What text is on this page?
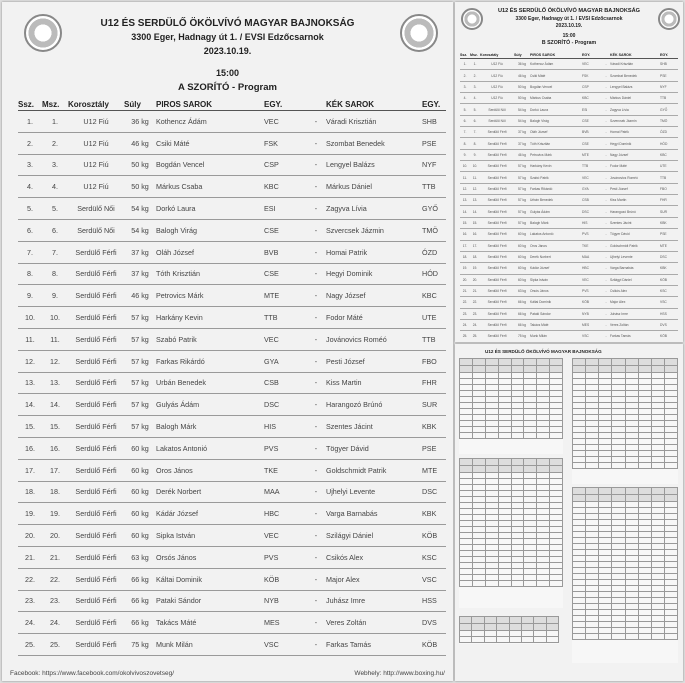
U12 ÉS SERDÜLŐ ÖKÖLVÍVÓ MAGYAR BAJNOKSÁG
3300 Eger, Hadnagy út 1. / EVSI Edzőcsarnok
2023.10.19.
15:00
A SZORÍTÓ - Program
Ssz.	Msz.	Korosztály	Súly	PIROS SAROK	EGY.		KÉK SAROK	EGY.
1.	1.	U12 Fiú	36 kg	Kothencz Ádám	VEC	-	Váradi Krisztián	SHB
2.	2.	U12 Fiú	46 kg	Csiki Máté	FSK	-	Szombat Benedek	PSE
3.	3.	U12 Fiú	50 kg	Bogdán Vencel	CSP	-	Lengyel Balázs	NYF
4.	4.	U12 Fiú	50 kg	Márkus Csaba	KBC	-	Márkus Dániel	TTB
5.	5.	Serdülő Női	54 kg	Dorkó Laura	ESI	-	Zagyva Lívia	GYŐ
6.	6.	Serdülő Női	54 kg	Balogh Virág	CSE	-	Szvercsek Jázmin	TMÖ
7.	7.	Serdülő Férfi	37 kg	Oláh József	BVB	-	Homai Patrik	ÓZD
8.	8.	Serdülő Férfi	37 kg	Tóth Krisztián	CSE	-	Hegyi Dominik	HÓD
9.	9.	Serdülő Férfi	46 kg	Petrovics Márk	MTE	-	Nagy József	KBC
10.	10.	Serdülő Férfi	57 kg	Harkány Kevin	TTB	-	Fodor Máté	UTE
11.	11.	Serdülő Férfi	57 kg	Szabó Patrik	VEC	-	Jovánovics Roméó	TTB
12.	12.	Serdülő Férfi	57 kg	Farkas Rikárdó	GYA	-	Pesti József	FBO
13.	13.	Serdülő Férfi	57 kg	Urbán Benedek	CSB	-	Kiss Martin	FHR
14.	14.	Serdülő Férfi	57 kg	Gulyás Ádám	DSC	-	Harangozó Brúnó	SUR
15.	15.	Serdülő Férfi	57 kg	Balogh Márk	HIS	-	Szentes Jácint	KBK
16.	16.	Serdülő Férfi	60 kg	Lakatos Antonió	PVS	-	Tögyer Dávid	PSE
17.	17.	Serdülő Férfi	60 kg	Oros János	TKE	-	Goldschmidt Patrik	MTE
18.	18.	Serdülő Férfi	60 kg	Derék Norbert	MAA	-	Ujhelyi Levente	DSC
19.	19.	Serdülő Férfi	60 kg	Kádár József	HBC	-	Varga Barnabás	KBK
20.	20.	Serdülő Férfi	60 kg	Sipka István	VEC	-	Szilágyi Dániel	KÖB
21.	21.	Serdülő Férfi	63 kg	Orsós János	PVS	-	Csikós Alex	KSC
22.	22.	Serdülő Férfi	66 kg	Káltai Dominik	KÖB	-	Major Alex	VSC
23.	23.	Serdülő Férfi	66 kg	Pataki Sándor	NYB	-	Juhász Imre	HSS
24.	24.	Serdülő Férfi	66 kg	Takács Máté	MES	-	Veres Zoltán	DVS
25.	25.	Serdülő Férfi	75 kg	Munk Milán	VSC	-	Farkas Tamás	KÖB
Facebook: https://www.facebook.com/okolvivoszovetseg/	Webhely: http://www.boxing.hu/
U12 ÉS SERDÜLŐ ÖKÖLVÍVÓ MAGYAR BAJNOKSÁG
3300 Eger, Hadnagy út 1. / EVSI Edzőcsarnok
2023.10.19.
15:00
B SZORÍTÓ - Program
Ssz.	Msz.	Korosztály	Súly	PIROS SAROK	EGY.		KÉK SAROK	EGY.
1.	1.	U12 Fiú	36 kg	Kothencz Ádám	VEC	-	Váradi Krisztián	SHB
2.	2.	U12 Fiú	46 kg	Csiki Máté	FSK	-	Szombat Benedek	PSE
3.	3.	U12 Fiú	50 kg	Bogdán Vencel	CSP	-	Lengyel Balázs	NYF
4.	4.	U12 Fiú	50 kg	Márkus Csaba	KBC	-	Márkus Dániel	TTB
5.	5.	Serdülő Női	54 kg	Dorkó Laura	ESI	-	Zagyva Lívia	GYŐ
6.	6.	Serdülő Női	54 kg	Balogh Virág	CSE	-	Szvercsek Jázmin	TMÖ
7.	7.	Serdülő Férfi	37 kg	Oláh József	BVB	-	Homai Patrik	ÓZD
8.	8.	Serdülő Férfi	37 kg	Tóth Krisztián	CSE	-	Hegyi Dominik	HÓD
9.	9.	Serdülő Férfi	46 kg	Petrovics Márk	MTE	-	Nagy József	KBC
10.	10.	Serdülő Férfi	57 kg	Harkány Kevin	TTB	-	Fodor Máté	UTE
11.	11.	Serdülő Férfi	57 kg	Szabó Patrik	VEC	-	Jovánovics Roméó	TTB
12.	12.	Serdülő Férfi	57 kg	Farkas Rikárdó	GYA	-	Pesti József	FBO
13.	13.	Serdülő Férfi	57 kg	Urbán Benedek	CSB	-	Kiss Martin	FHR
14.	14.	Serdülő Férfi	57 kg	Gulyás Ádám	DSC	-	Harangozó Brúnó	SUR
15.	15.	Serdülő Férfi	57 kg	Balogh Márk	HIS	-	Szentes Jácint	KBK
16.	16.	Serdülő Férfi	60 kg	Lakatos Antonió	PVS	-	Tögyer Dávid	PSE
17.	17.	Serdülő Férfi	60 kg	Oros János	TKE	-	Goldschmidt Patrik	MTE
18.	18.	Serdülő Férfi	60 kg	Derék Norbert	MAA	-	Ujhelyi Levente	DSC
19.	19.	Serdülő Férfi	60 kg	Kádár József	HBC	-	Varga Barnabás	KBK
20.	20.	Serdülő Férfi	60 kg	Sipka István	VEC	-	Szilágyi Dániel	KÖB
21.	21.	Serdülő Férfi	63 kg	Orsós János	PVS	-	Csikós Alex	KSC
22.	22.	Serdülő Férfi	66 kg	Káltai Dominik	KÖB	-	Major Alex	VSC
23.	23.	Serdülő Férfi	66 kg	Pataki Sándor	NYB	-	Juhász Imre	HSS
24.	24.	Serdülő Férfi	66 kg	Takács Máté	MES	-	Veres Zoltán	DVS
25.	25.	Serdülő Férfi	75 kg	Munk Milán	VSC	-	Farkas Tamás	KÖB
U12 ÉS SERDÜLŐ ÖKÖLVÍVÓ MAGYAR BAJNOKSÁG
